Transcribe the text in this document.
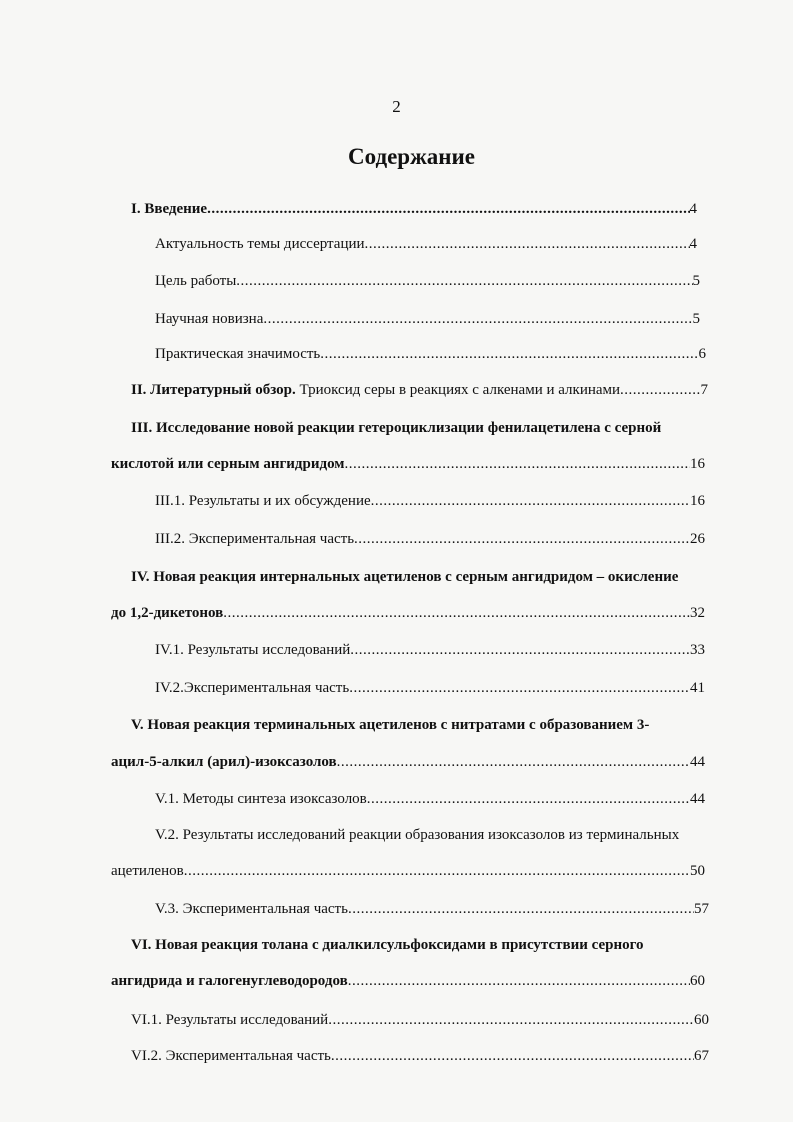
2
Содержание
I. Введение .....	4
Актуальность темы диссертации .....	4
Цель работы .....	5
Научная новизна .....	5
Практическая значимость .....	6
II. Литературный обзор. Триоксид серы в реакциях с алкенами и алкинами .....	7
III. Исследование новой реакции гетероциклизации фенилацетилена с серной
кислотой или серным ангидридом .....	16
III.1. Результаты и их обсуждение .....	16
III.2. Экспериментальная часть .....	26
IV. Новая реакция интернальных ацетиленов с серным ангидридом – окисление
до 1,2-дикетонов .....	32
IV.1. Результаты исследований .....	33
IV.2.Экспериментальная часть .....	41
V. Новая реакция терминальных ацетиленов с нитратами с образованием 3-
ацил-5-алкил (арил)-изоксазолов .....	44
V.1. Методы синтеза изоксазолов .....	44
V.2. Результаты исследований реакции образования изоксазолов из терминальных
ацетиленов .....	50
V.3. Экспериментальная часть .....	57
VI. Новая реакция толана с диалкилсульфоксидами в присутствии серного
ангидрида и галогенуглеводородов .....	60
VI.1. Результаты исследований .....	60
VI.2. Экспериментальная часть .....	67
